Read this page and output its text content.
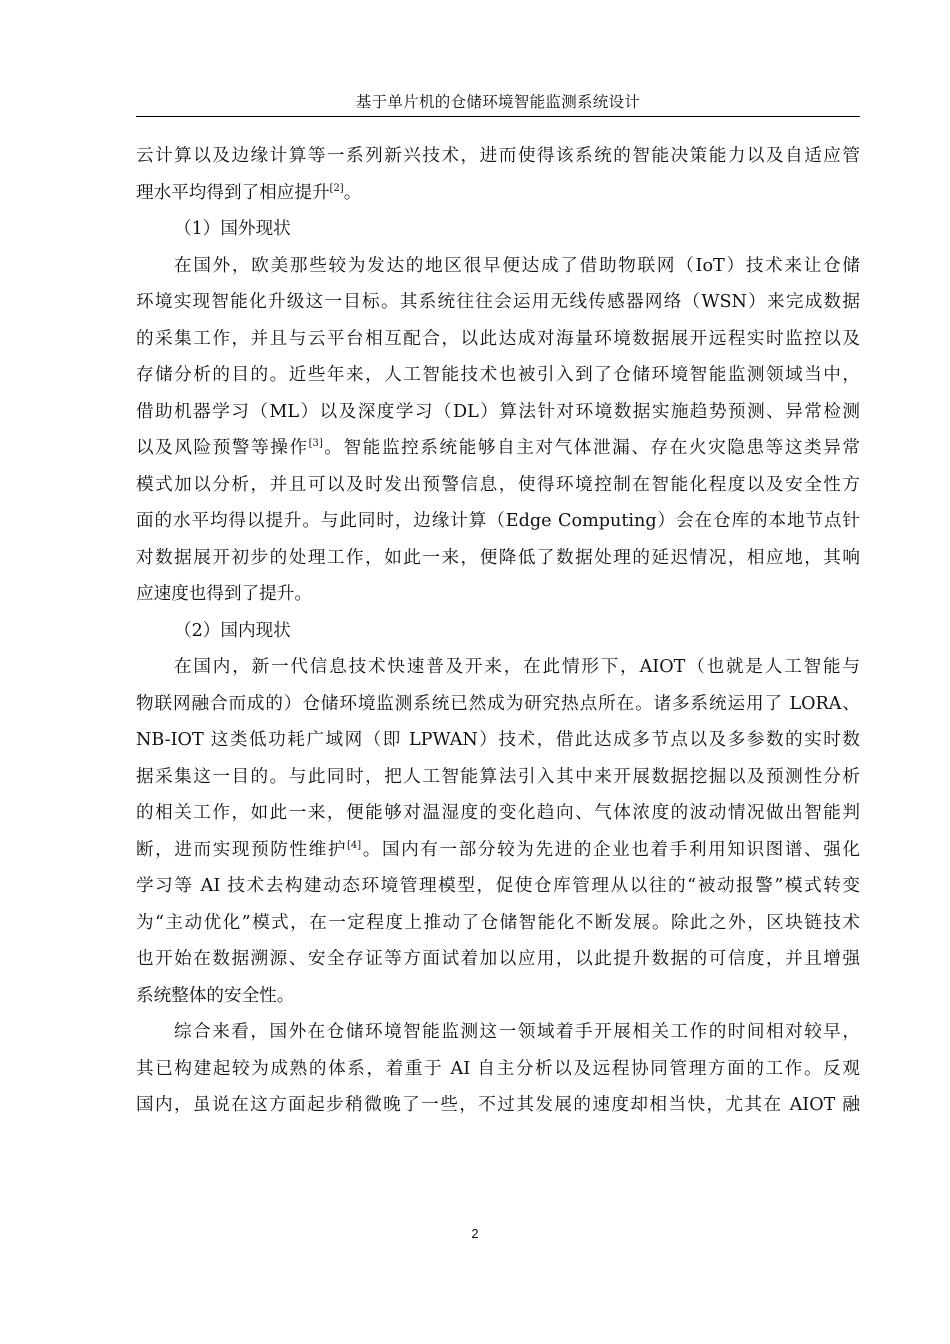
基于单片机的仓储环境智能监测系统设计
云计算以及边缘计算等一系列新兴技术，进而使得该系统的智能决策能力以及自适应管
理水平均得到了相应提升[2]。
（1）国外现状
在国外，欧美那些较为发达的地区很早便达成了借助物联网（IoT）技术来让仓储
环境实现智能化升级这一目标。其系统往往会运用无线传感器网络（WSN）来完成数据
的采集工作，并且与云平台相互配合，以此达成对海量环境数据展开远程实时监控以及
存储分析的目的。近些年来，人工智能技术也被引入到了仓储环境智能监测领域当中，
借助机器学习（ML）以及深度学习（DL）算法针对环境数据实施趋势预测、异常检测
以及风险预警等操作[3]。智能监控系统能够自主对气体泄漏、存在火灾隐患等这类异常
模式加以分析，并且可以及时发出预警信息，使得环境控制在智能化程度以及安全性方
面的水平均得以提升。与此同时，边缘计算（Edge Computing）会在仓库的本地节点针
对数据展开初步的处理工作，如此一来，便降低了数据处理的延迟情况，相应地，其响
应速度也得到了提升。
（2）国内现状
在国内，新一代信息技术快速普及开来，在此情形下，AIOT（也就是人工智能与
物联网融合而成的）仓储环境监测系统已然成为研究热点所在。诸多系统运用了 LORA、
NB-IOT 这类低功耗广域网（即 LPWAN）技术，借此达成多节点以及多参数的实时数
据采集这一目的。与此同时，把人工智能算法引入其中来开展数据挖掘以及预测性分析
的相关工作，如此一来，便能够对温湿度的变化趋向、气体浓度的波动情况做出智能判
断，进而实现预防性维护[4]。国内有一部分较为先进的企业也着手利用知识图谱、强化
学习等 AI 技术去构建动态环境管理模型，促使仓库管理从以往的“被动报警”模式转变
为“主动优化”模式，在一定程度上推动了仓储智能化不断发展。除此之外，区块链技术
也开始在数据溯源、安全存证等方面试着加以应用，以此提升数据的可信度，并且增强
系统整体的安全性。
综合来看，国外在仓储环境智能监测这一领域着手开展相关工作的时间相对较早，
其已构建起较为成熟的体系，着重于 AI 自主分析以及远程协同管理方面的工作。反观
国内，虽说在这方面起步稍微晚了一些，不过其发展的速度却相当快，尤其在 AIOT 融
2
